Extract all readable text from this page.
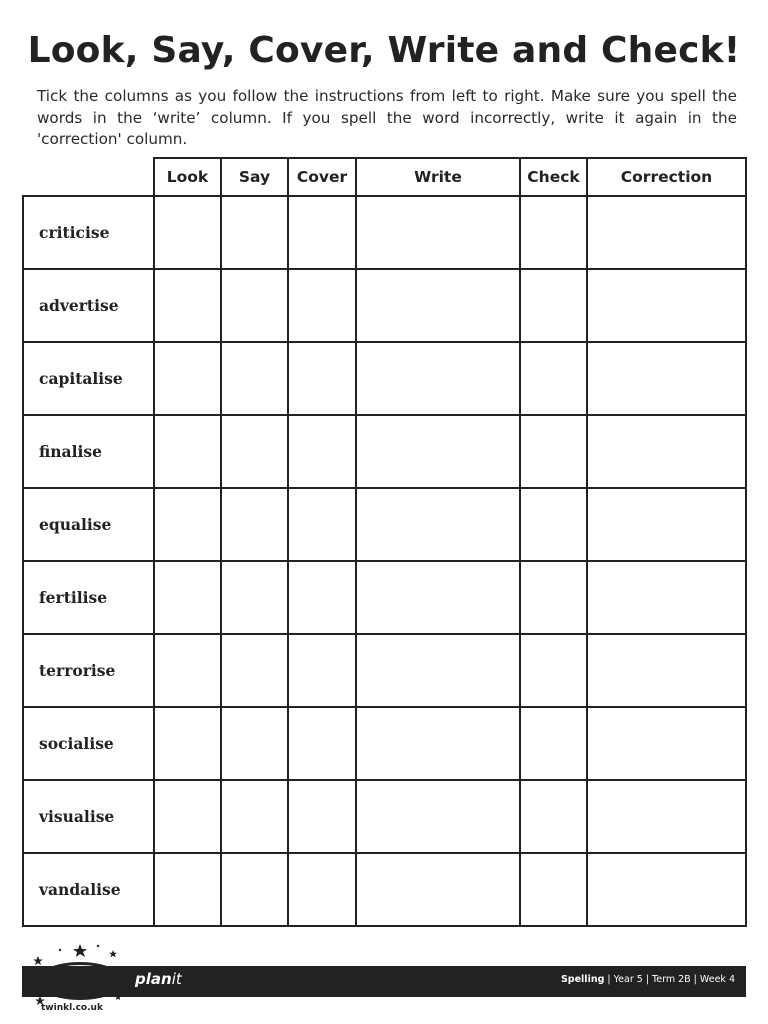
Look, Say, Cover, Write and Check!

Tick the columns as you follow the instructions from left to right. Make sure you spell the words in the ‘write’ column. If you spell the word incorrectly, write it again in the 'correction' column.

	Look	Say	Cover	Write	Check	Correction
criticise						
advertise						
capitalise						
finalise						
equalise						
fertilise						
terrorise						
socialise						
visualise						
vandalise						
planit	Spelling | Year 5 | Term 2B | Week 4
twinkl.co.uk
